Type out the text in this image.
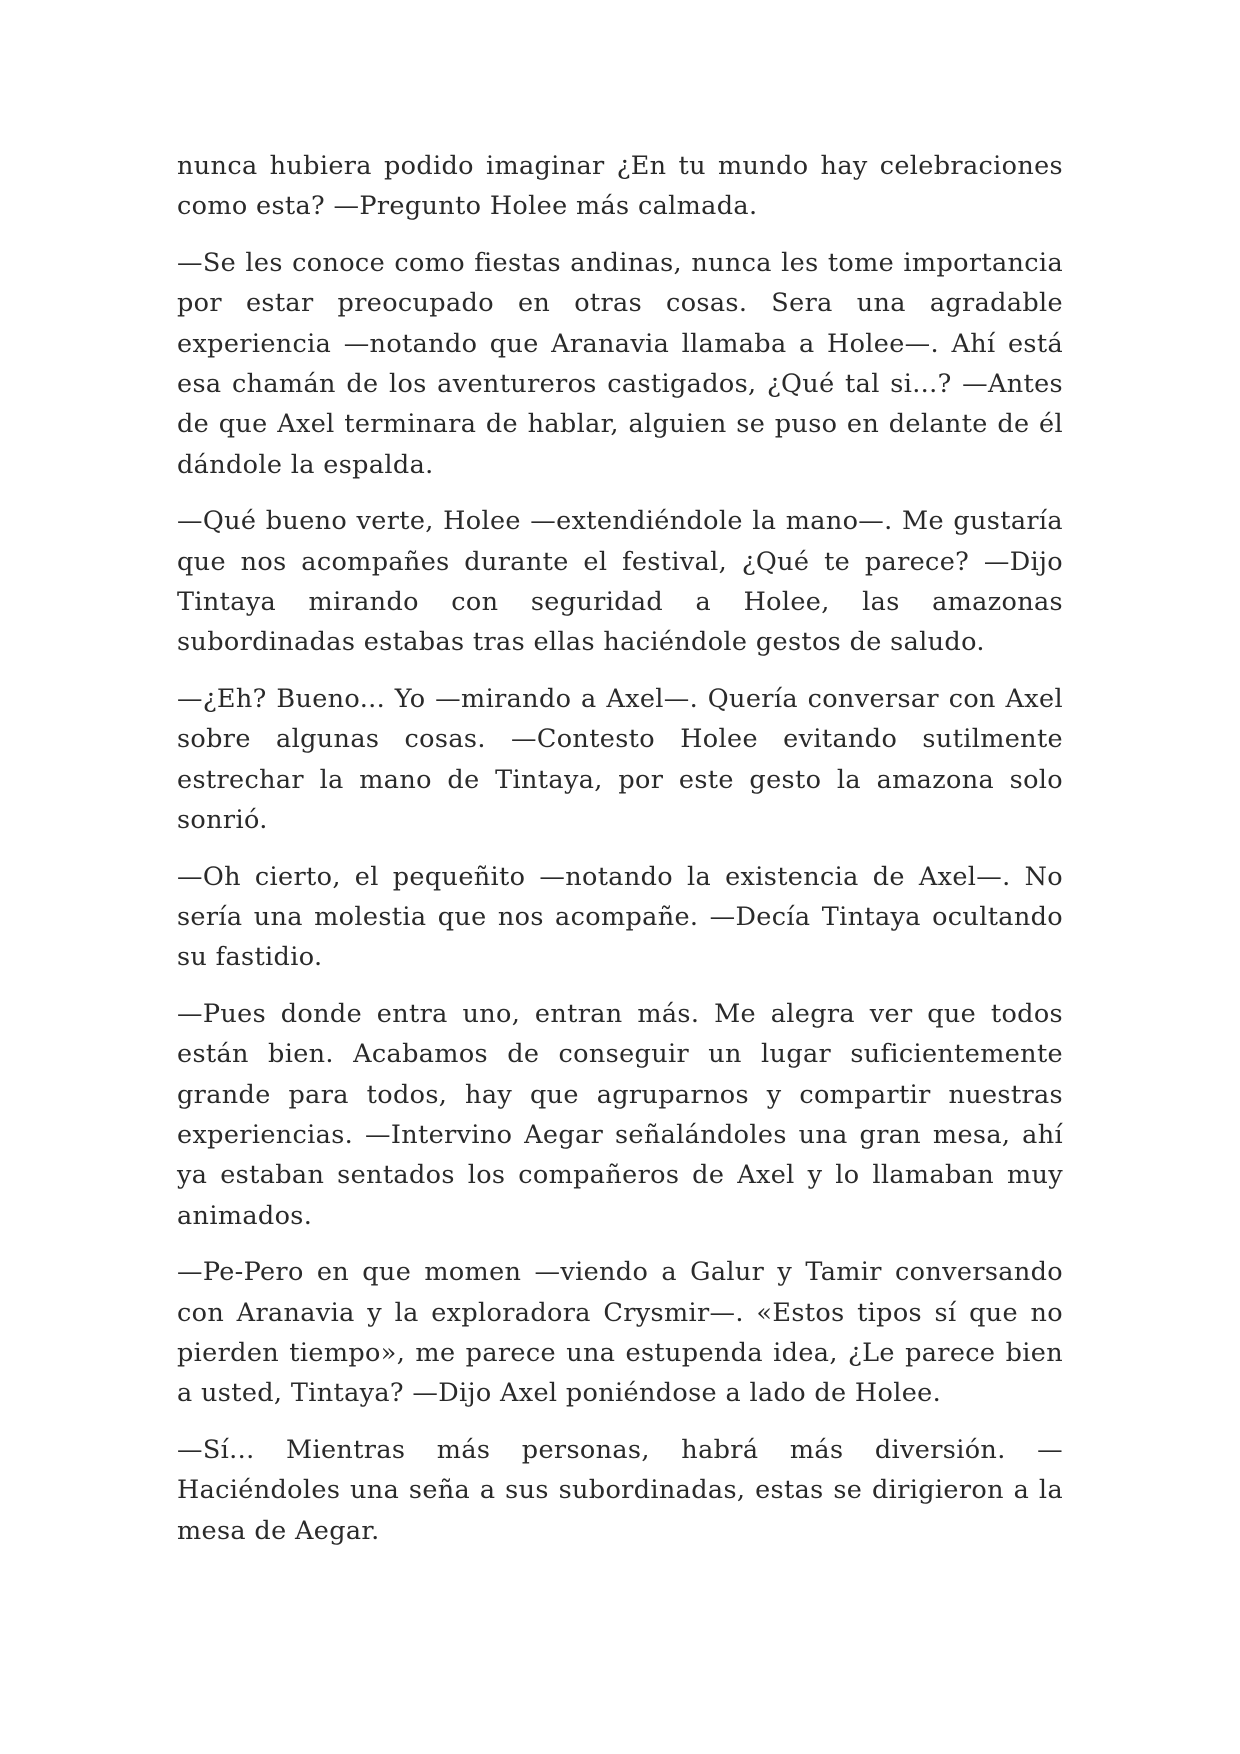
nunca hubiera podido imaginar ¿En tu mundo hay celebraciones como esta? —Pregunto Holee más calmada.

—Se les conoce como fiestas andinas, nunca les tome importancia por estar preocupado en otras cosas. Sera una agradable experiencia —notando que Aranavia llamaba a Holee—. Ahí está esa chamán de los aventureros castigados, ¿Qué tal si...? —Antes de que Axel terminara de hablar, alguien se puso en delante de él dándole la espalda.

—Qué bueno verte, Holee —extendiéndole la mano—. Me gustaría que nos acompañes durante el festival, ¿Qué te parece? —Dijo Tintaya mirando con seguridad a Holee, las amazonas subordinadas estabas tras ellas haciéndole gestos de saludo.

—¿Eh? Bueno... Yo —mirando a Axel—. Quería conversar con Axel sobre algunas cosas. —Contesto Holee evitando sutilmente estrechar la mano de Tintaya, por este gesto la amazona solo sonrió.

—Oh cierto, el pequeñito —notando la existencia de Axel—. No sería una molestia que nos acompañe. —Decía Tintaya ocultando su fastidio.

—Pues donde entra uno, entran más. Me alegra ver que todos están bien. Acabamos de conseguir un lugar suficientemente grande para todos, hay que agruparnos y compartir nuestras experiencias. —Intervino Aegar señalándoles una gran mesa, ahí ya estaban sentados los compañeros de Axel y lo llamaban muy animados.

—Pe-Pero en que momen —viendo a Galur y Tamir conversando con Aranavia y la exploradora Crysmir—. «Estos tipos sí que no pierden tiempo», me parece una estupenda idea, ¿Le parece bien a usted, Tintaya? —Dijo Axel poniéndose a lado de Holee.

—Sí... Mientras más personas, habrá más diversión. —Haciéndoles una seña a sus subordinadas, estas se dirigieron a la mesa de Aegar.
